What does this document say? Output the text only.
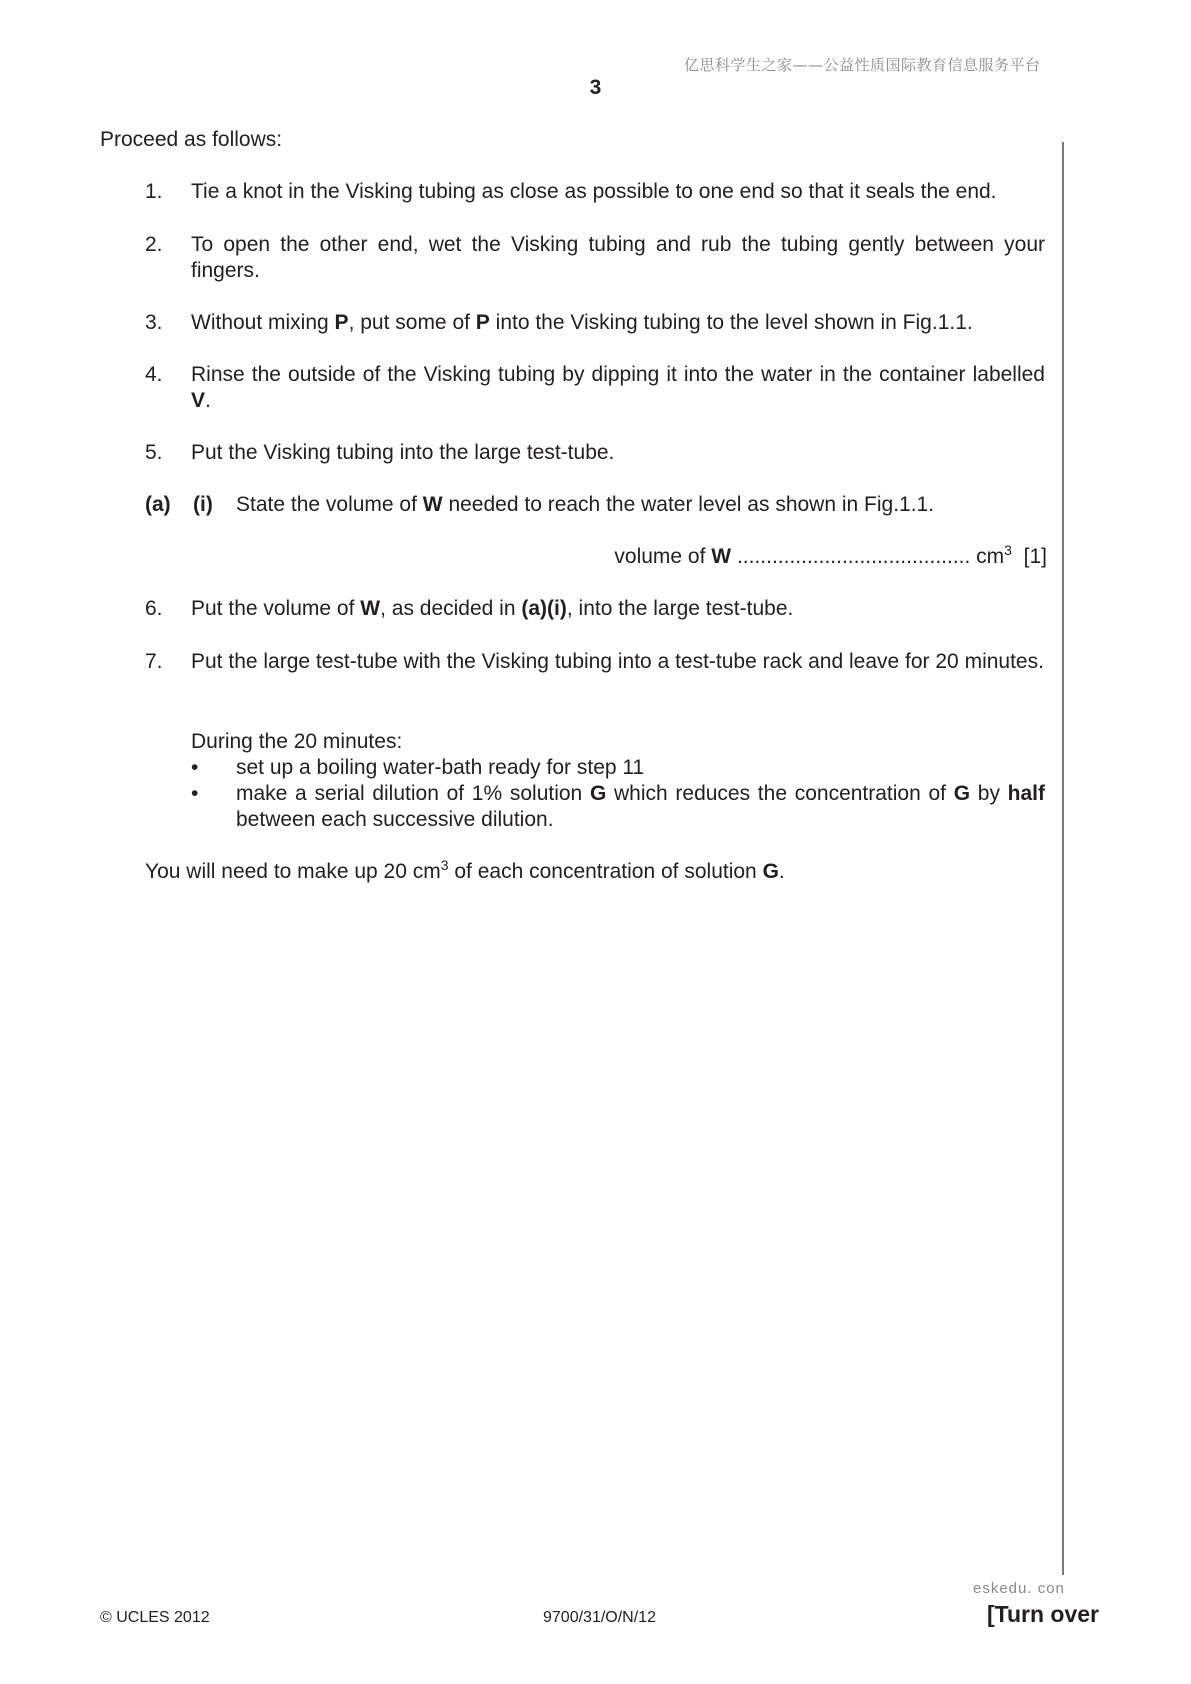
亿思科学生之家——公益性质国际教育信息服务平台
3
Proceed as follows:
1. Tie a knot in the Visking tubing as close as possible to one end so that it seals the end.
2. To open the other end, wet the Visking tubing and rub the tubing gently between your fingers.
3. Without mixing P, put some of P into the Visking tubing to the level shown in Fig.1.1.
4. Rinse the outside of the Visking tubing by dipping it into the water in the container labelled V.
5. Put the Visking tubing into the large test-tube.
(a) (i) State the volume of W needed to reach the water level as shown in Fig.1.1.
volume of W ........................................ $cm^3$ [1]
6. Put the volume of W, as decided in (a)(i), into the large test-tube.
7. Put the large test-tube with the Visking tubing into a test-tube rack and leave for 20 minutes.
During the 20 minutes:
• set up a boiling water-bath ready for step 11
• make a serial dilution of 1% solution G which reduces the concentration of G by half between each successive dilution.
You will need to make up 20 $cm^3$ of each concentration of solution G.
eskedu. con
© UCLES 2012	9700/31/O/N/12	[Turn over
